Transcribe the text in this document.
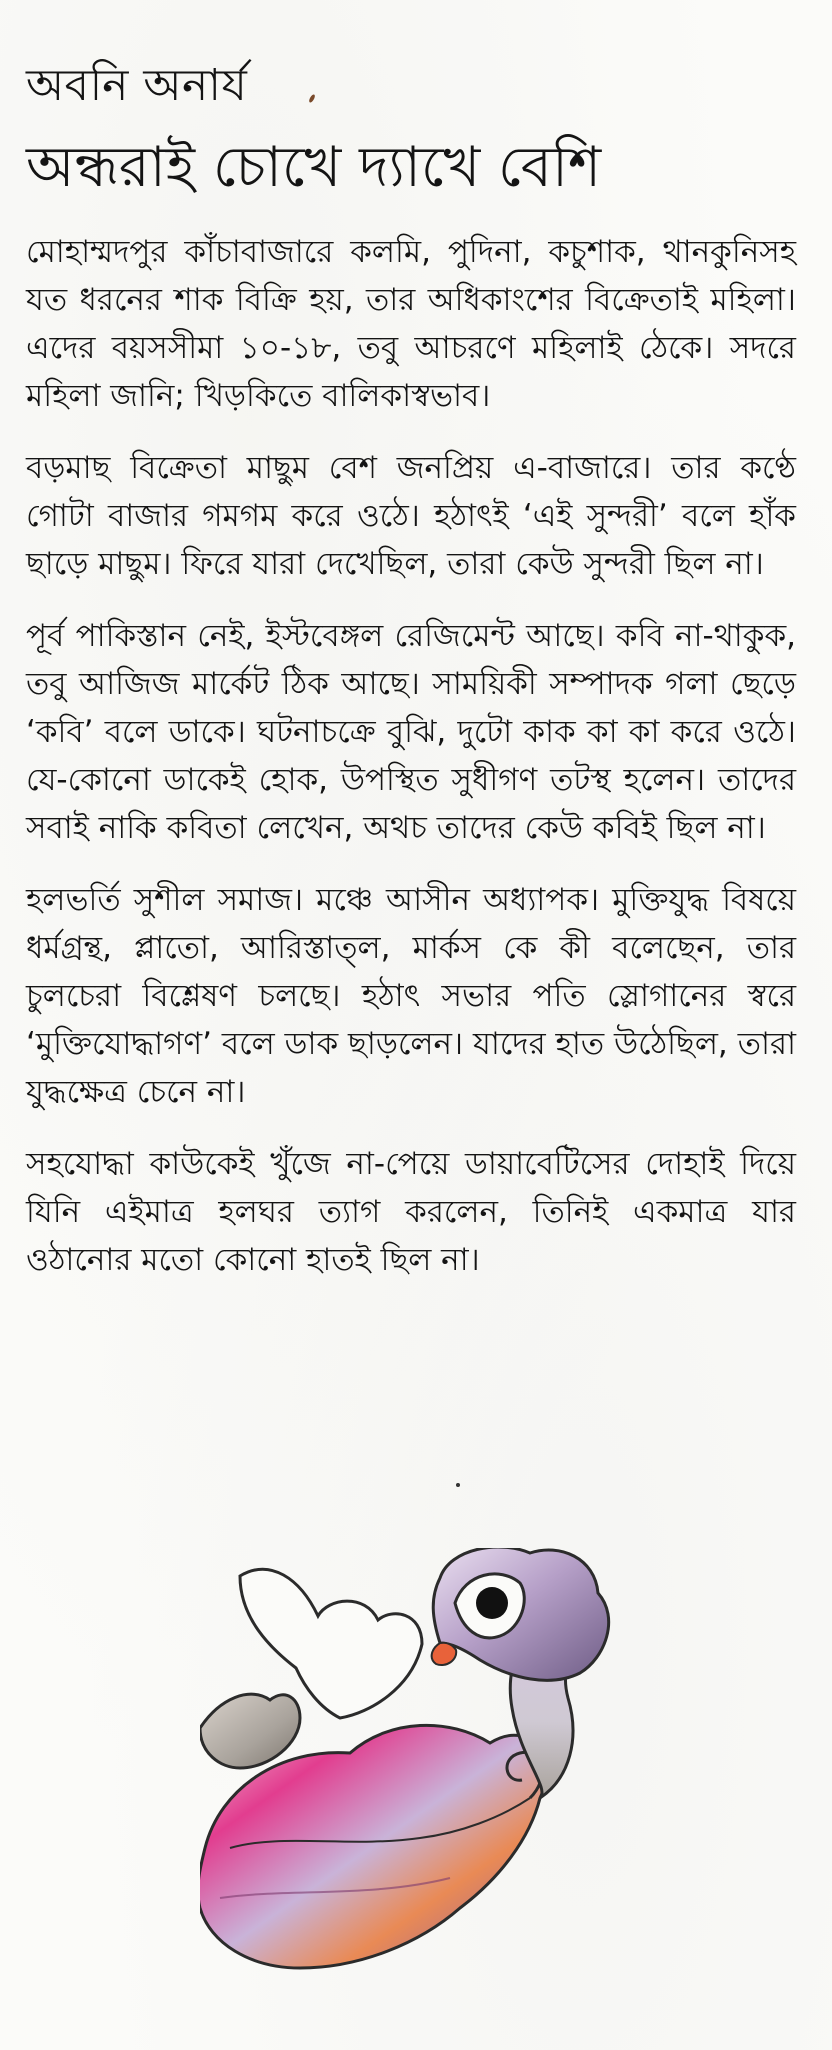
অবনি অনার্য
অন্ধরাই চোখে দ্যাখে বেশি

মোহাম্মদপুর কাঁচাবাজারে কলমি, পুদিনা, কচুশাক, থানকুনিসহ যত ধরনের শাক বিক্রি হয়, তার অধিকাংশের বিক্রেতাই মহিলা। এদের বয়সসীমা ১০-১৮, তবু আচরণে মহিলাই ঠেকে। সদরে মহিলা জানি; খিড়কিতে বালিকাস্বভাব।

বড়মাছ বিক্রেতা মাছুম বেশ জনপ্রিয় এ-বাজারে। তার কণ্ঠে গোটা বাজার গমগম করে ওঠে। হঠাৎই ‘এই সুন্দরী’ বলে হাঁক ছাড়ে মাছুম। ফিরে যারা দেখেছিল, তারা কেউ সুন্দরী ছিল না।

পূর্ব পাকিস্তান নেই, ইস্টবেঙ্গল রেজিমেন্ট আছে। কবি না-থাকুক, তবু আজিজ মার্কেট ঠিক আছে। সাময়িকী সম্পাদক গলা ছেড়ে ‘কবি’ বলে ডাকে। ঘটনাচক্রে বুঝি, দুটো কাক কা কা করে ওঠে। যে-কোনো ডাকেই হোক, উপস্থিত সুধীগণ তটস্থ হলেন। তাদের সবাই নাকি কবিতা লেখেন, অথচ তাদের কেউ কবিই ছিল না।

হলভর্তি সুশীল সমাজ। মঞ্চে আসীন অধ্যাপক। মুক্তিযুদ্ধ বিষয়ে ধর্মগ্রন্থ, প্লাতো, আরিস্তাত্‌ল, মার্কস কে কী বলেছেন, তার চুলচেরা বিশ্লেষণ চলছে। হঠাৎ সভার পতি স্লোগানের স্বরে ‘মুক্তিযোদ্ধাগণ’ বলে ডাক ছাড়লেন। যাদের হাত উঠেছিল, তারা যুদ্ধক্ষেত্র চেনে না।

সহযোদ্ধা কাউকেই খুঁজে না-পেয়ে ডায়াবেটিসের দোহাই দিয়ে যিনি এইমাত্র হলঘর ত্যাগ করলেন, তিনিই একমাত্র যার ওঠানোর মতো কোনো হাতই ছিল না।
